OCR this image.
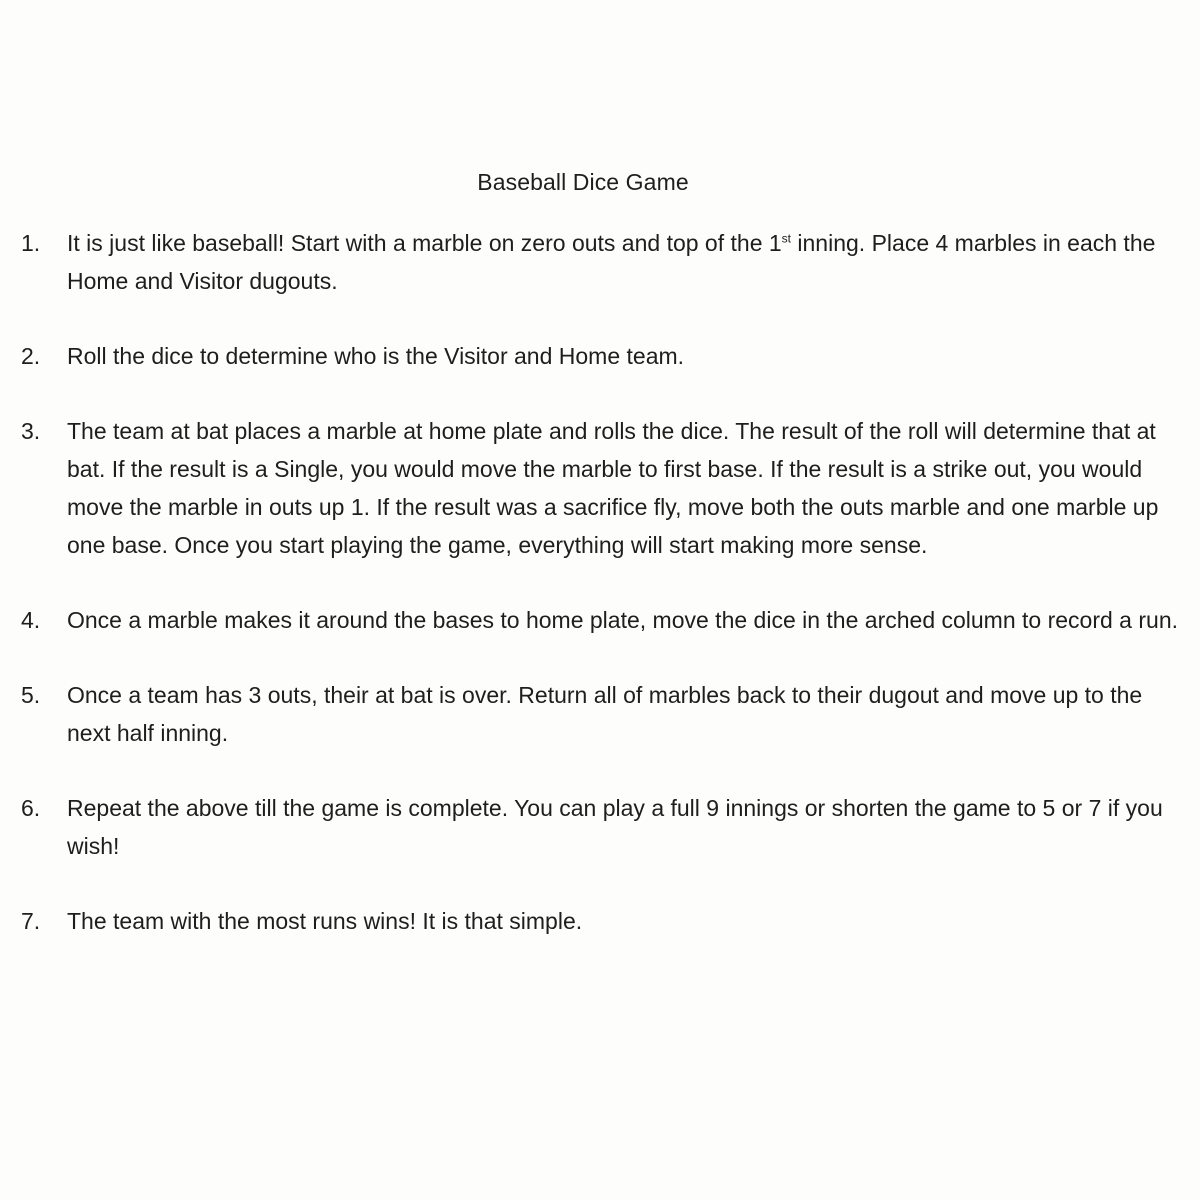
Baseball Dice Game
1.	It is just like baseball! Start with a marble on zero outs and top of the 1st inning. Place 4 marbles in each the Home and Visitor dugouts.
2.	Roll the dice to determine who is the Visitor and Home team.
3.	The team at bat places a marble at home plate and rolls the dice. The result of the roll will determine that at bat. If the result is a Single, you would move the marble to first base. If the result is a strike out, you would move the marble in outs up 1. If the result was a sacrifice fly, move both the outs marble and one marble up one base. Once you start playing the game, everything will start making more sense.
4.	Once a marble makes it around the bases to home plate, move the dice in the arched column to record a run.
5.	Once a team has 3 outs, their at bat is over. Return all of marbles back to their dugout and move up to the next half inning.
6.	Repeat the above till the game is complete. You can play a full 9 innings or shorten the game to 5 or 7 if you wish!
7.	The team with the most runs wins! It is that simple.
